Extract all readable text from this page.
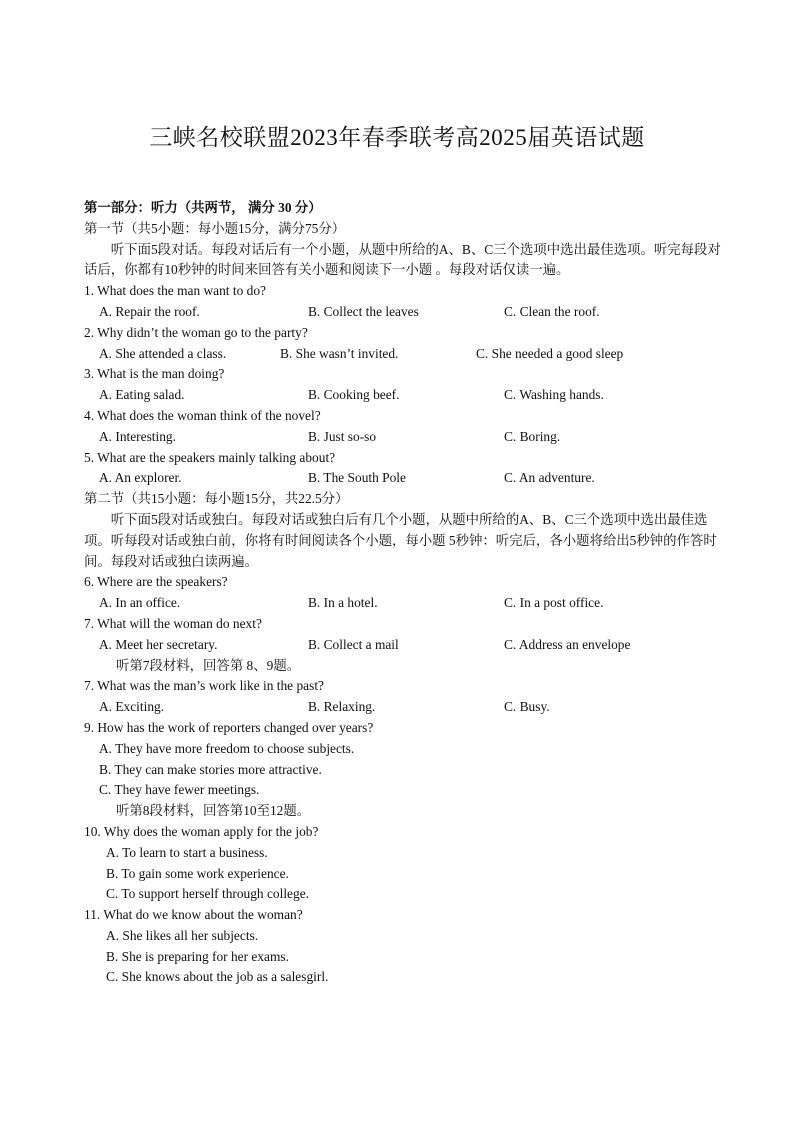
三峡名校联盟2023年春季联考高2025届英语试题
第一部分：听力（共两节， 满分 30 分）
第一节（共5小题：每小题15分，满分75分）
听下面5段对话。每段对话后有一个小题，从题中所给的A、B、C三个选项中选出最佳选项。听完每段对话后，你都有10秒钟的时间来回答有关小题和阅读下一小题 。每段对话仅读一遍。
1. What does the man want to do?
A. Repair the roof.	B. Collect the leaves	C. Clean the roof.
2. Why didn’t the woman go to the party?
A. She attended a class.	B. She wasn’t invited.	C. She needed a good sleep
3. What is the man doing?
A. Eating salad.	B. Cooking beef.	C. Washing hands.
4. What does the woman think of the novel?
A. Interesting.	B. Just so-so	C. Boring.
5. What are the speakers mainly talking about?
A. An explorer.	B. The South Pole	C. An adventure.
第二节（共15小题：每小题15分，共22.5分）
听下面5段对话或独白。每段对话或独白后有几个小题，从题中所给的A、B、C三个选项中选出最佳选项。听每段对话或独白前，你将有时间阅读各个小题，每小题 5秒钟：听完后，各小题将给出5秒钟的作答时间。每段对话或独白读两遍。
6. Where are the speakers?
A. In an office.	B. In a hotel.	C. In a post office.
7. What will the woman do next?
A. Meet her secretary.	B. Collect a mail	C. Address an envelope
听第7段材料，回答第 8、9题。
7. What was the man’s work like in the past?
A. Exciting.	B. Relaxing.	C. Busy.
9. How has the work of reporters changed over years?
A. They have more freedom to choose subjects.
B. They can make stories more attractive.
C. They have fewer meetings.
听第8段材料，回答第10至12题。
10. Why does the woman apply for the job?
A. To learn to start a business.
B. To gain some work experience.
C. To support herself through college.
11. What do we know about the woman?
A. She likes all her subjects.
B. She is preparing for her exams.
C. She knows about the job as a salesgirl.
